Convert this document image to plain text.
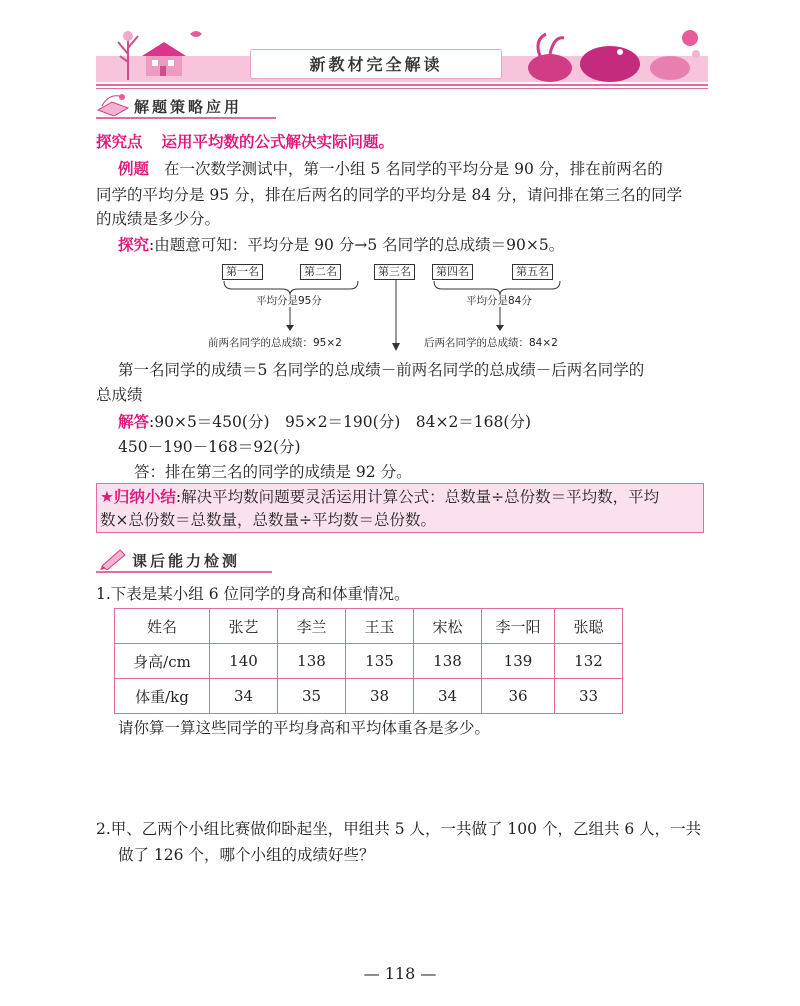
新教材完全解读
解题策略应用
探究点 运用平均数的公式解决实际问题。
例题 在一次数学测试中，第一小组 5 名同学的平均分是 90 分，排在前两名的
同学的平均分是 95 分，排在后两名的同学的平均分是 84 分，请问排在第三名的同学
的成绩是多少分。
探究:由题意可知：平均分是 90 分→5 名同学的总成绩＝90×5。
第一名	第二名	第三名	第四名	第五名
平均分是95分	平均分是84分
前两名同学的总成绩：95×2	后两名同学的总成绩：84×2
第一名同学的成绩＝5 名同学的总成绩－前两名同学的总成绩－后两名同学的
总成绩
解答:90×5＝450(分)　95×2＝190(分)　84×2＝168(分)
450－190－168＝92(分)
答：排在第三名的同学的成绩是 92 分。
★归纳小结:解决平均数问题要灵活运用计算公式：总数量÷总份数＝平均数，平均
数×总份数＝总数量，总数量÷平均数＝总份数。
课后能力检测
1.下表是某小组 6 位同学的身高和体重情况。
姓名	张艺	李兰	王玉	宋松	李一阳	张聪
身高/cm	140	138	135	138	139	132
体重/kg	34	35	38	34	36	33
请你算一算这些同学的平均身高和平均体重各是多少。
2.甲、乙两个小组比赛做仰卧起坐，甲组共 5 人，一共做了 100 个，乙组共 6 人，一共
做了 126 个，哪个小组的成绩好些？
— 118 —
